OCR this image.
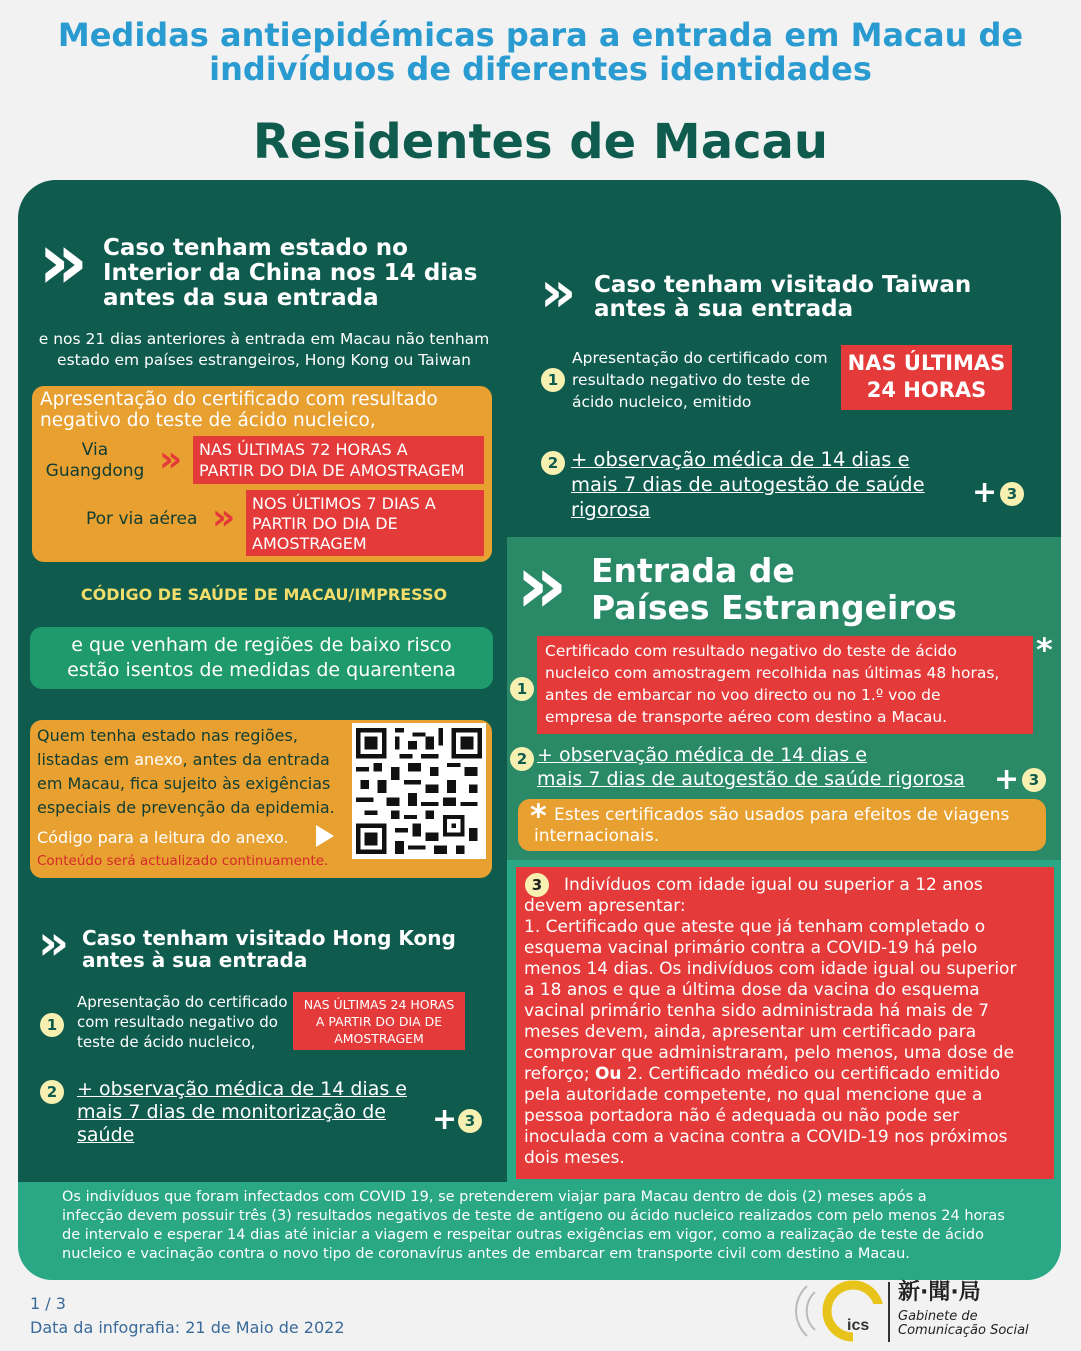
Medidas antiepidémicas para a entrada em Macau de
indivíduos de diferentes identidades
Residentes de Macau
» Caso tenham estado no
Interior da China nos 14 dias
antes da sua entrada
e nos 21 dias anteriores à entrada em Macau não tenham
estado em países estrangeiros, Hong Kong ou Taiwan
Apresentação do certificado com resultado
negativo do teste de ácido nucleico,
Via
Guangdong » NAS ÚLTIMAS 72 HORAS A
PARTIR DO DIA DE AMOSTRAGEM
Por via aérea » NOS ÚLTIMOS 7 DIAS A
PARTIR DO DIA DE
AMOSTRAGEM
CÓDIGO DE SAÚDE DE MACAU/IMPRESSO
e que venham de regiões de baixo risco
estão isentos de medidas de quarentena
Quem tenha estado nas regiões,
listadas em anexo, antes da entrada
em Macau, fica sujeito às exigências
especiais de prevenção da epidemia.
Código para a leitura do anexo.
Conteúdo será actualizado continuamente.
» Caso tenham visitado Hong Kong
antes à sua entrada
1
Apresentação do certificado
com resultado negativo do
teste de ácido nucleico,
NAS ÚLTIMAS 24 HORAS
A PARTIR DO DIA DE
AMOSTRAGEM
2	+ observação médica de 14 dias e
mais 7 dias de monitorização de
saúde	+ 3
» Caso tenham visitado Taiwan
antes à sua entrada
1
Apresentação do certificado com
resultado negativo do teste de
ácido nucleico, emitido
NAS ÚLTIMAS
24 HORAS
2 + observação médica de 14 dias e
mais 7 dias de autogestão de saúde
rigorosa	+ 3
» Entrada de
Países Estrangeiros
1
Certificado com resultado negativo do teste de ácido
nucleico com amostragem recolhida nas últimas 48 horas,
antes de embarcar no voo directo ou no 1.º voo de
empresa de transporte aéreo com destino a Macau.
*
2 + observação médica de 14 dias e
mais 7 dias de autogestão de saúde rigorosa + 3
* Estes certificados são usados para efeitos de viagens
internacionais.
3	Indivíduos com idade igual ou superior a 12 anos
devem apresentar:
1. Certificado que ateste que já tenham completado o
esquema vacinal primário contra a COVID-19 há pelo
menos 14 dias. Os indivíduos com idade igual ou superior
a 18 anos e que a última dose da vacina do esquema
vacinal primário tenha sido administrada há mais de 7
meses devem, ainda, apresentar um certificado para
comprovar que administraram, pelo menos, uma dose de
reforço; Ou 2. Certificado médico ou certificado emitido
pela autoridade competente, no qual mencione que a
pessoa portadora não é adequada ou não pode ser
inoculada com a vacina contra a COVID-19 nos próximos
dois meses.
Os indivíduos que foram infectados com COVID 19, se pretenderem viajar para Macau dentro de dois (2) meses após a
infecção devem possuir três (3) resultados negativos de teste de antígeno ou ácido nucleico realizados com pelo menos 24 horas
de intervalo e esperar 14 dias até iniciar a viagem e respeitar outras exigências em vigor, como a realização de teste de ácido
nucleico e vacinação contra o novo tipo de coronavírus antes de embarcar em transporte civil com destino a Macau.
1 / 3
Data da infografia: 21 de Maio de 2022	ics
新·聞·局
Gabinete de
Comunicação Social
